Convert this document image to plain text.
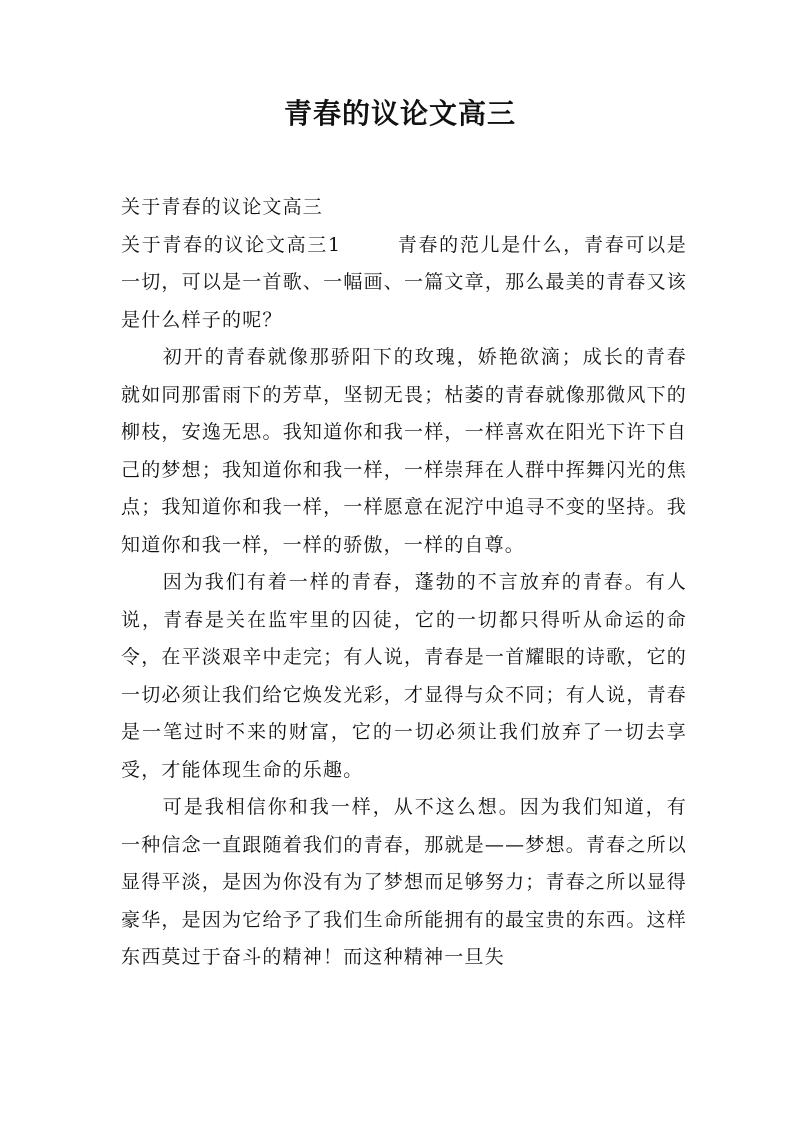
青春的议论文高三

关于青春的议论文高三

关于青春的议论文高三1	青春的范儿是什么，青春可以是一切，可以是一首歌、一幅画、一篇文章，那么最美的青春又该是什么样子的呢？

初开的青春就像那骄阳下的玫瑰，娇艳欲滴；成长的青春就如同那雷雨下的芳草，坚韧无畏；枯萎的青春就像那微风下的柳枝，安逸无思。我知道你和我一样，一样喜欢在阳光下许下自己的梦想；我知道你和我一样，一样崇拜在人群中挥舞闪光的焦点；我知道你和我一样，一样愿意在泥泞中追寻不变的坚持。我知道你和我一样，一样的骄傲，一样的自尊。

因为我们有着一样的青春，蓬勃的不言放弃的青春。有人说，青春是关在监牢里的囚徒，它的一切都只得听从命运的命令，在平淡艰辛中走完；有人说，青春是一首耀眼的诗歌，它的一切必须让我们给它焕发光彩，才显得与众不同；有人说，青春是一笔过时不来的财富，它的一切必须让我们放弃了一切去享受，才能体现生命的乐趣。

可是我相信你和我一样，从不这么想。因为我们知道，有一种信念一直跟随着我们的青春，那就是——梦想。青春之所以显得平淡，是因为你没有为了梦想而足够努力；青春之所以显得豪华，是因为它给予了我们生命所能拥有的最宝贵的东西。这样东西莫过于奋斗的精神！而这种精神一旦失
